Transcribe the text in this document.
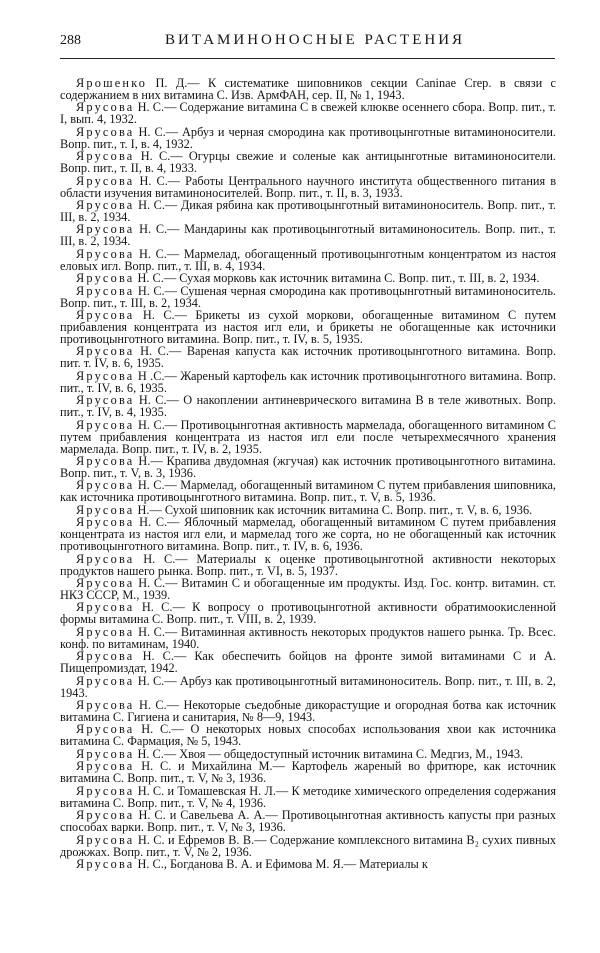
288	ВИТАМИНОНОСНЫЕ РАСТЕНИЯ

Ярошенко П. Д.— К систематике шиповников секции Caninae Crep. в связи с содержанием в них витамина С. Изв. АрмФАН, сер. II, № 1, 1943.

Ярусова Н. С.— Содержание витамина С в свежей клюкве осеннего сбора. Вопр. пит., т. I, вып. 4, 1932.

Ярусова Н. С.— Арбуз и черная смородина как противоцынготные витаминоносители. Вопр. пит., т. I, в. 4, 1932.

Ярусова Н. С.— Огурцы свежие и соленые как антицынготные витаминоносители. Вопр. пит., т. II, в. 4, 1933.

Ярусова Н. С.— Работы Центрального научного института общественного питания в области изучения витаминоносителей. Вопр. пит., т. II, в. 3, 1933.

Ярусова Н. С.— Дикая рябина как противоцынготный витаминоноситель. Вопр. пит., т. III, в. 2, 1934.

Ярусова Н. С.— Мандарины как противоцынготный витаминоноситель. Вопр. пит., т. III, в. 2, 1934.

Ярусова Н. С.— Мармелад, обогащенный противоцынготным концентратом из настоя еловых игл. Вопр. пит., т. III, в. 4, 1934.

Ярусова Н. С.— Сухая морковь как источник витамина С. Вопр. пит., т. III, в. 2, 1934.

Ярусова Н. С.— Сушеная черная смородина как противоцынготный витаминоноситель. Вопр. пит., т. III, в. 2, 1934.

Ярусова Н. С.— Брикеты из сухой моркови, обогащенные витамином С путем прибавления концентрата из настоя игл ели, и брикеты не обогащенные как источники противоцынготного витамина. Вопр. пит., т. IV, в. 5, 1935.

Ярусова Н. С.— Вареная капуста как источник противоцынготного витамина. Вопр. пит. т. IV, в. 6, 1935.

Ярусова Н .С.— Жареный картофель как источник противоцынготного витамина. Вопр. пит., т. IV, в. 6, 1935.

Ярусова Н. С.— О накоплении антиневрического витамина В в теле животных. Вопр. пит., т. IV, в. 4, 1935.

Ярусова Н. С.— Противоцынготная активность мармелада, обогащенного витамином С путем прибавления концентрата из настоя игл ели после четырехмесячного хранения мармелада. Вопр. пит., т. IV, в. 2, 1935.

Ярусова Н.— Крапива двудомная (жгучая) как источник противоцынготного витамина. Вопр. пит., т. V, в. 3, 1936.

Ярусова Н. С.— Мармелад, обогащенный витамином С путем прибавления шиповника, как источника противоцынготного витамина. Вопр. пит., т. V, в. 5, 1936.

Ярусова Н.— Сухой шиповник как источник витамина С. Вопр. пит., т. V, в. 6, 1936.

Ярусова Н. С.— Яблочный мармелад, обогащенный витамином С путем прибавления концентрата из настоя игл ели, и мармелад того же сорта, но не обогащенный как источник противоцынготного витамина. Вопр. пит., т. IV, в. 6, 1936.

Ярусова Н. С.— Материалы к оценке противоцынготной активности некоторых продуктов нашего рынка. Вопр. пит., т. VI, в. 5, 1937.

Ярусова Н. С.— Витамин С и обогащенные им продукты. Изд. Гос. контр. витамин. ст. НКЗ СССР, М., 1939.

Ярусова Н. С.— К вопросу о противоцынготной активности обратимоокисленной формы витамина С. Вопр. пит., т. VIII, в. 2, 1939.

Ярусова Н. С.— Витаминная активность некоторых продуктов нашего рынка. Тр. Всес. конф. по витаминам, 1940.

Ярусова Н. С.— Как обеспечить бойцов на фронте зимой витаминами С и А. Пищепромиздат, 1942.

Ярусова Н. С.— Арбуз как противоцынготный витаминоноситель. Вопр. пит., т. III, в. 2, 1943.

Ярусова Н. С.— Некоторые съедобные дикорастущие и огородная ботва как источник витамина С. Гигиена и санитария, № 8—9, 1943.

Ярусова Н. С.— О некоторых новых способах использования хвои как источника витамина С. Фармация, № 5, 1943.

Ярусова Н. С.— Хвоя — общедоступный источник витамина С. Медгиз, М., 1943.

Ярусова Н. С. и Михайлина М.— Картофель жареный во фритюре, как источник витамина С. Вопр. пит., т. V, № 3, 1936.

Ярусова Н. С. и Томашевская Н. Л.— К методике химического определения содержания витамина С. Вопр. пит., т. V, № 4, 1936.

Ярусова Н. С. и Савельева А. А.— Противоцынготная активность капусты при разных способах варки. Вопр. пит., т. V, № 3, 1936.

Ярусова Н. С. и Ефремов В. В.— Содержание комплексного витамина B₂ сухих пивных дрожжах. Вопр. пит., т. V, № 2, 1936.

Ярусова Н. С., Богданова В. А. и Ефимова М. Я.— Материалы к
